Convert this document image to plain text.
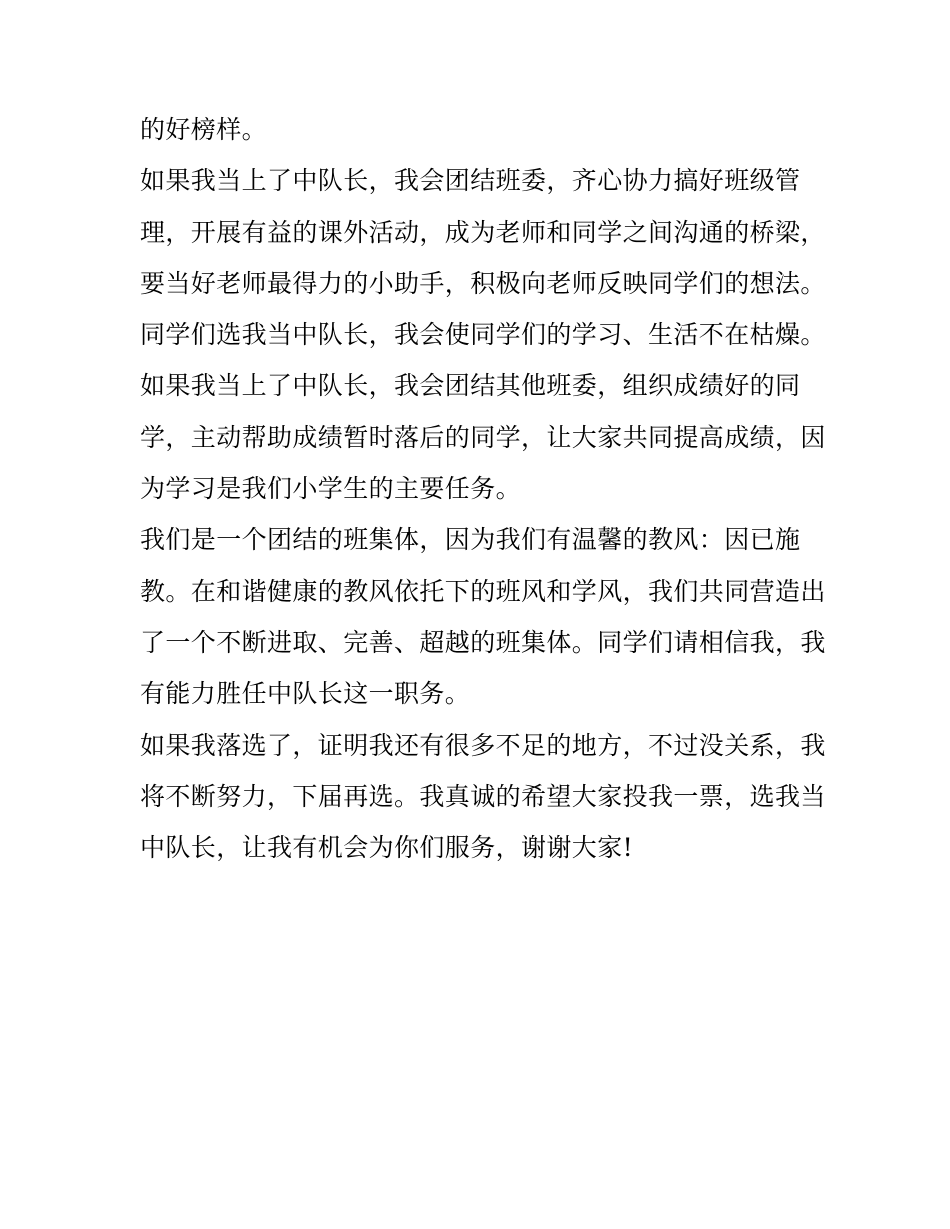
的好榜样。
如果我当上了中队长，我会团结班委，齐心协力搞好班级管
理，开展有益的课外活动，成为老师和同学之间沟通的桥梁，
要当好老师最得力的小助手，积极向老师反映同学们的想法。
同学们选我当中队长，我会使同学们的学习、生活不在枯燥。
如果我当上了中队长，我会团结其他班委，组织成绩好的同
学，主动帮助成绩暂时落后的同学，让大家共同提高成绩，因
为学习是我们小学生的主要任务。
我们是一个团结的班集体，因为我们有温馨的教风：因已施
教。在和谐健康的教风依托下的班风和学风，我们共同营造出
了一个不断进取、完善、超越的班集体。同学们请相信我，我
有能力胜任中队长这一职务。
如果我落选了，证明我还有很多不足的地方，不过没关系，我
将不断努力，下届再选。我真诚的希望大家投我一票，选我当
中队长，让我有机会为你们服务，谢谢大家!
